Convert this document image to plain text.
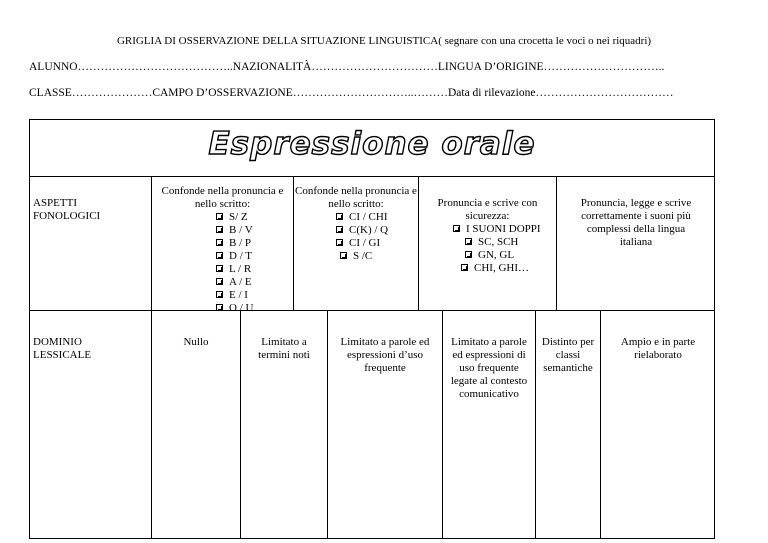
GRIGLIA DI OSSERVAZIONE DELLA SITUAZIONE LINGUISTICA( segnare con una crocetta le voci o nei riquadri)
ALUNNO…………………………………..NAZIONALITÀ……………………………LINGUA D’ORIGINE…………………………..
CLASSE…………………CAMPO D’OSSERVAZIONE…………………………..………Data di rilevazione………………………………
Espressione orale
ASPETTI
FONOLOGICI
Confonde nella pronuncia e
nello scritto:
S/ Z
B / V
B / P
D / T
L / R
A / E
E / I
O / U
Confonde nella pronuncia e
nello scritto:
CI / CHI
C(K) / Q
CI / GI
S /C
Pronuncia e scrive con
sicurezza:
I SUONI DOPPI
SC, SCH
GN, GL
CHI, GHI…
Pronuncia, legge e scrive
correttamente i suoni più
complessi della lingua
italiana
DOMINIO
LESSICALE
Nullo	Limitato a
termini noti
Limitato a parole ed
espressioni d’uso
frequente
Limitato a parole
ed espressioni di
uso frequente
legate al contesto
comunicativo
Distinto per
classi
semantiche
Ampio e in parte
rielaborato
